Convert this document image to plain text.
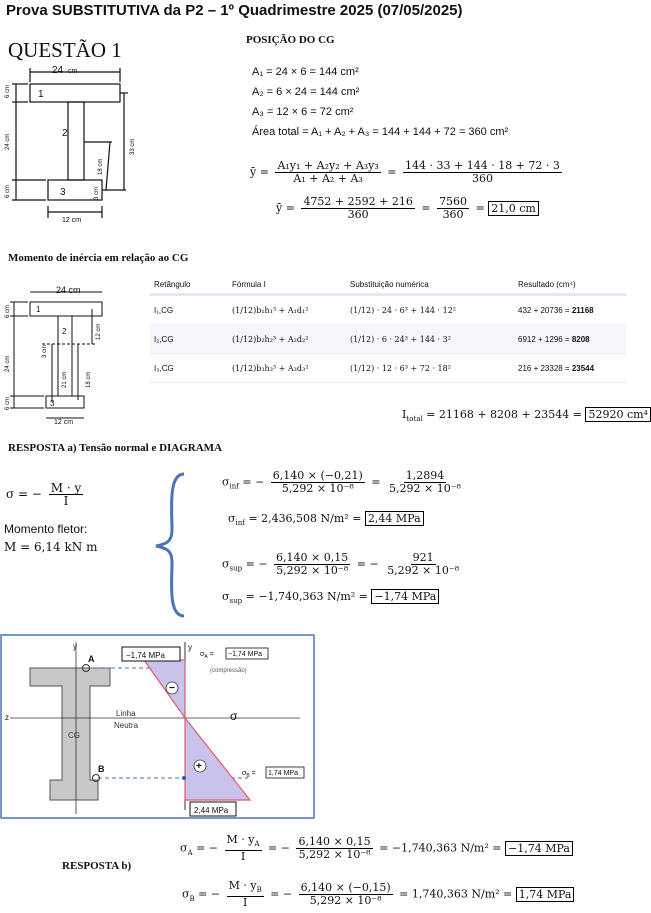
Prova SUBSTITUTIVA da P2 – 1º Quadrimestre 2025 (07/05/2025)
QUESTÃO 1
24 cm
1
2
3
6 cm
24 cm
6 cm
18 cm
33 cm
3 cm
12 cm
POSIÇÃO DO CG
A₁ = 24 × 6 = 144 cm²
A₂ = 6 × 24 = 144 cm²
A₃ = 12 × 6 = 72 cm²
Área total = A₁ + A₂ + A₃ = 144 + 144 + 72 = 360 cm²
ȳ = $\frac{\text{A₁y₁ + A₂y₂ + A₃y₃}}{\text{A₁ + A₂ + A₃}} = \frac{144 \cdot 33 + 144 \cdot 18 + 72 \cdot 3}{360}$
ȳ = $\frac{4752 + 2592 + 216}{360} = \frac{7560}{360} = 21,0$ cm
Momento de inércia em relação ao CG
24 cm
1
2
3
6 cm
24 cm
6 cm
12 cm
3 cm
21 cm	18 cm
12 cm
Retângulo	Fórmula I	Substituição numérica	Resultado (cm⁴)
I₁,CG	(1/12)b₁h₁³ + A₁d₁²	(1/12) · 24 · 6³ + 144 · 12²	432 + 20736 = 21168
I₂,CG	(1/12)b₂h₂³ + A₂d₂²	(1/12) · 6 · 24³ + 144 · 3²	6912 + 1296 = 8208
I₃,CG	(1/12)b₃h₃³ + A₃d₃²	(1/12) · 12 · 6³ + 72 · 18²	216 + 23328 = 23544
$I_{total} = 21168 + 8208 + 23544 = 52920$ cm⁴
RESPOSTA a) Tensão normal e DIAGRAMA
σ = − $\frac{M \cdot y}{I}$
Momento fletor:
M = 6,14 kN m
$\sigma_{inf}$ = − $\frac{6,140 \times (-0,21)}{\text{5,292 × 10⁻⁸}} = \frac{1,2894}{\text{5,292 × 10⁻⁸}}$
$\sigma_{inf} = 2,436,508$ N/m² = 2,44 MPa
$\sigma_{sup}$ = − $\frac{6,140 \times 0,15}{\text{5,292 × 10⁻⁸}}$ = − $\frac{921}{\text{5,292 × 10⁻⁸}}$
$\sigma_{sup} = -1,740,363$ N/m² = −1,74 MPa
y	y
z
A
B
CG
Linha
Neutra
σ
−1,74 MPa	$\sigma_A = -1,74$ MPa
(compressão)
−
+
$\sigma_B = 1,74$ MPa
2,44 MPa
RESPOSTA b)
$\sigma_A$ = − $\frac{M \cdot y_A}{I}$ = − $\frac{6,140 \times 0,15}{\text{5,292 × 10⁻⁸}} = -1,740,363$ N/m² = −1,74 MPa
$\sigma_B$ = − $\frac{M \cdot y_B}{I}$ = − $\frac{6,140 \times (-0,15)}{\text{5,292 × 10⁻⁸}} = 1,740,363$ N/m² = 1,74 MPa
